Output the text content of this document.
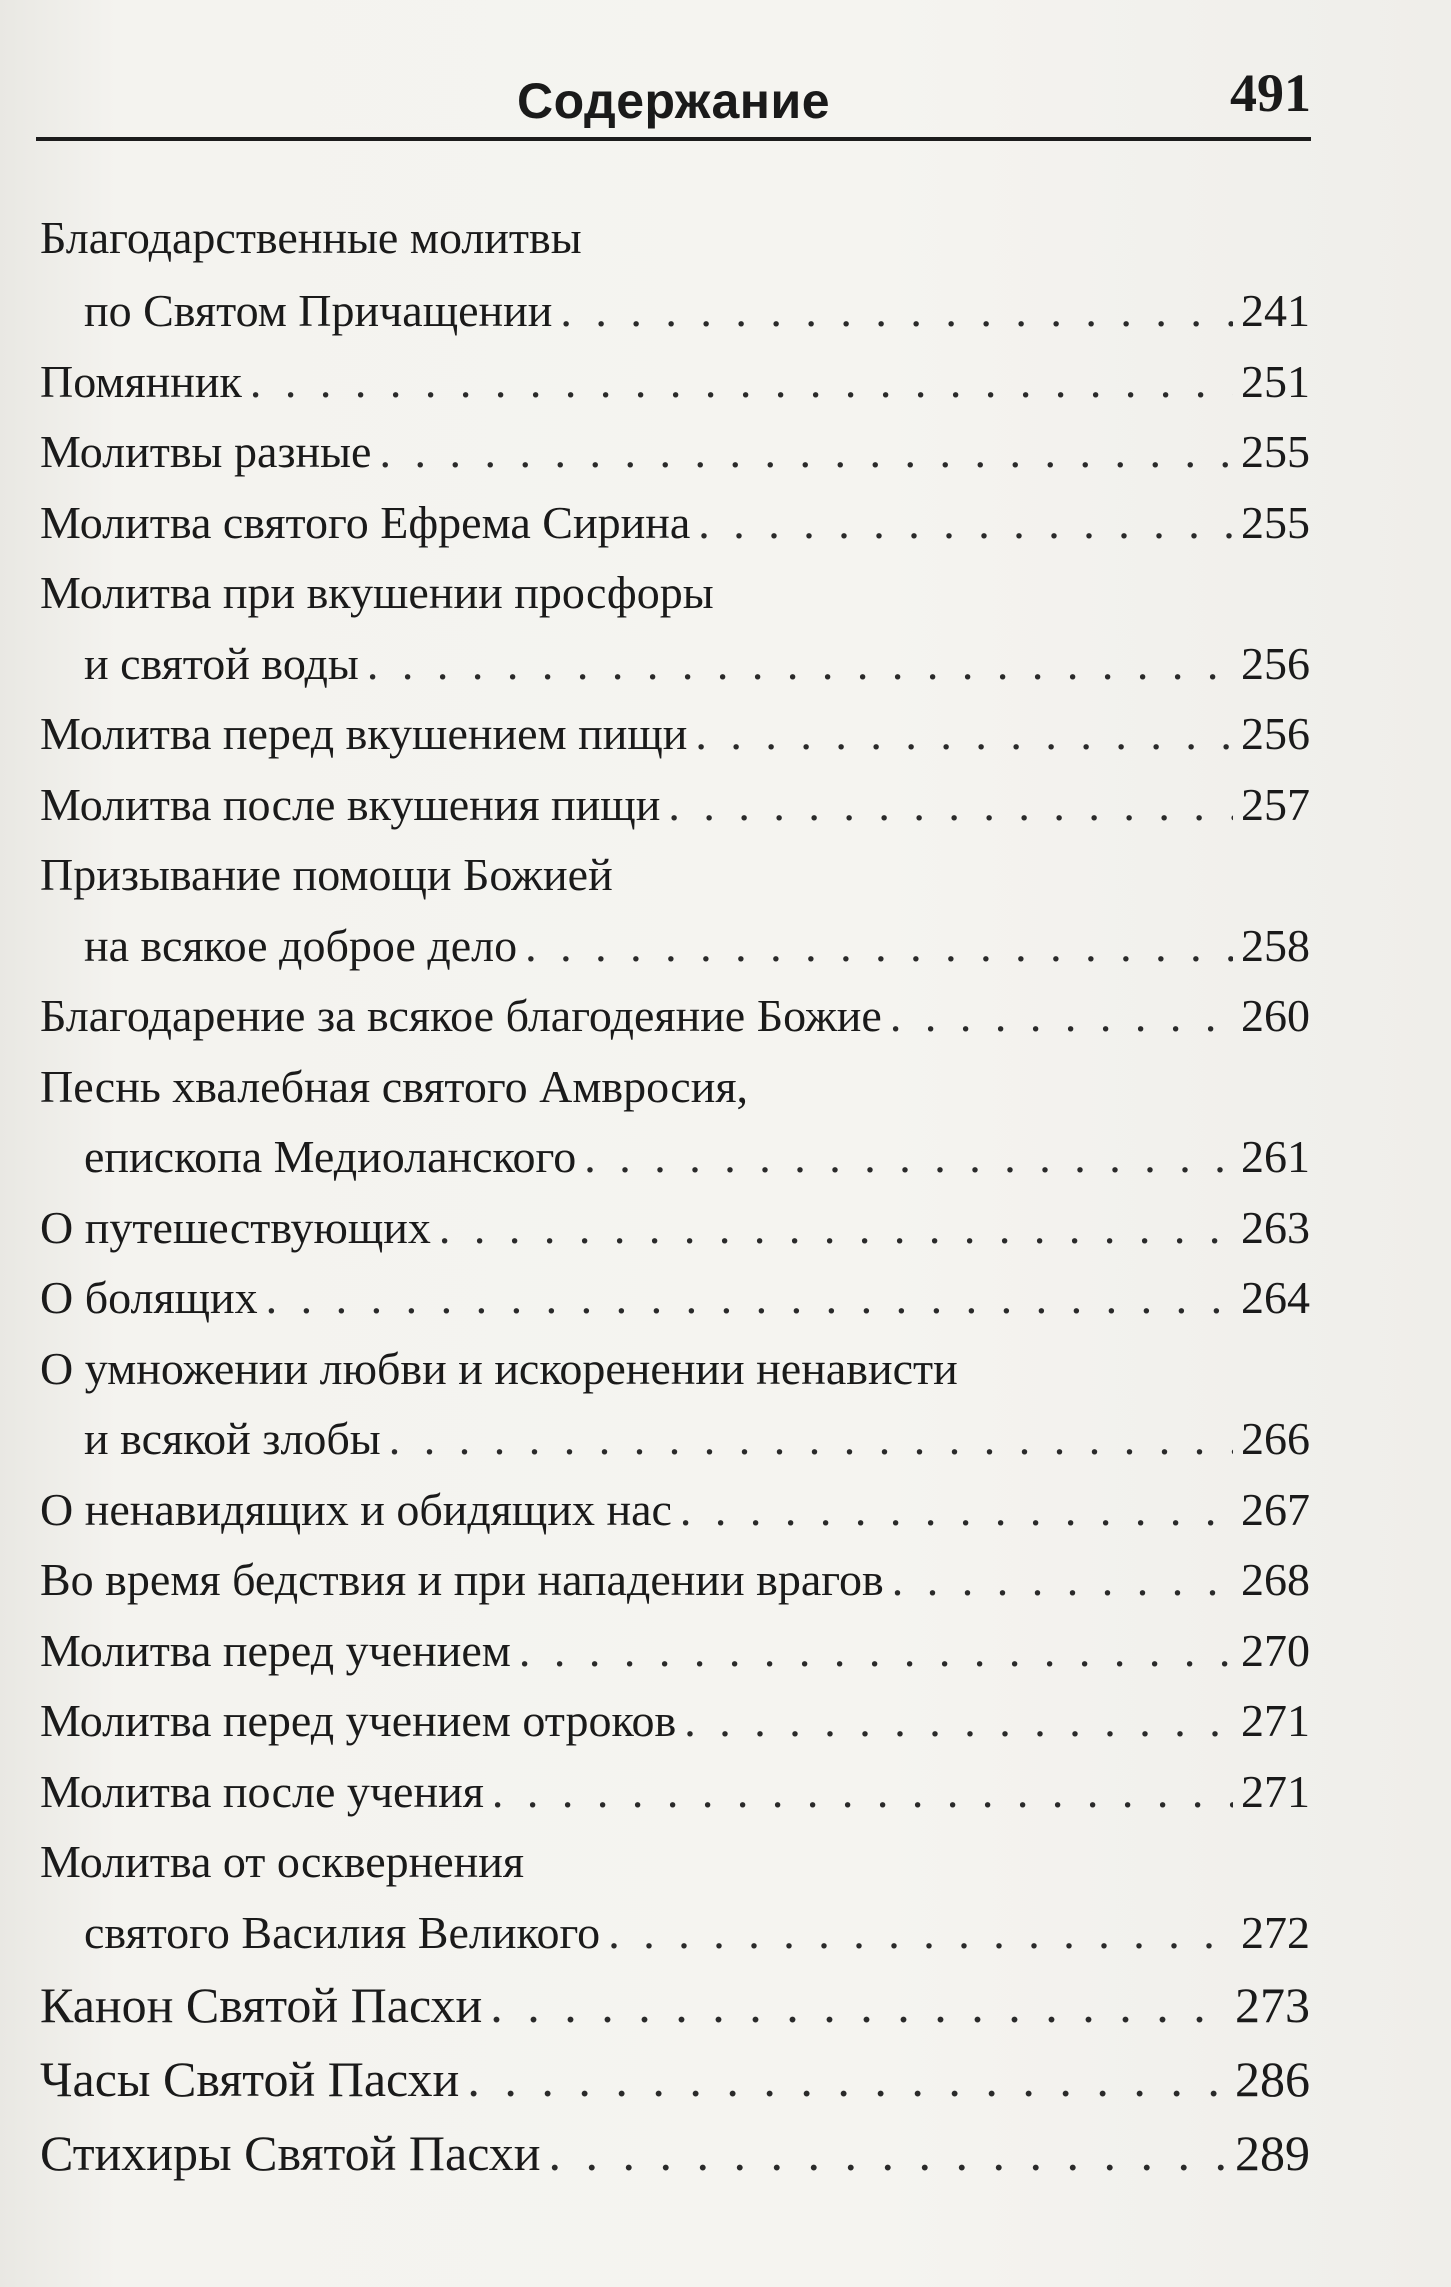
Содержание	491
Благодарственные молитвы
по Святом Причащении . . .	241
Помянник . . .	251
Молитвы разные . . .	255
Молитва святого Ефрема Сирина . . .	255
Молитва при вкушении просфоры
и святой воды . . .	256
Молитва перед вкушением пищи . . .	256
Молитва после вкушения пищи . . .	257
Призывание помощи Божией
на всякое доброе дело . . .	258
Благодарение за всякое благодеяние Божие . . .	260
Песнь хвалебная святого Амвросия,
епископа Медиоланского . . .	261
О путешествующих . . .	263
О болящих . . .	264
О умножении любви и искоренении ненависти
и всякой злобы . . .	266
О ненавидящих и обидящих нас . . .	267
Во время бедствия и при нападении врагов . . .	268
Молитва перед учением . . .	270
Молитва перед учением отроков . . .	271
Молитва после учения . . .	271
Молитва от осквернения
святого Василия Великого . . .	272
Канон Святой Пасхи . . .	273
Часы Святой Пасхи . . .	286
Стихиры Святой Пасхи . . .	289
